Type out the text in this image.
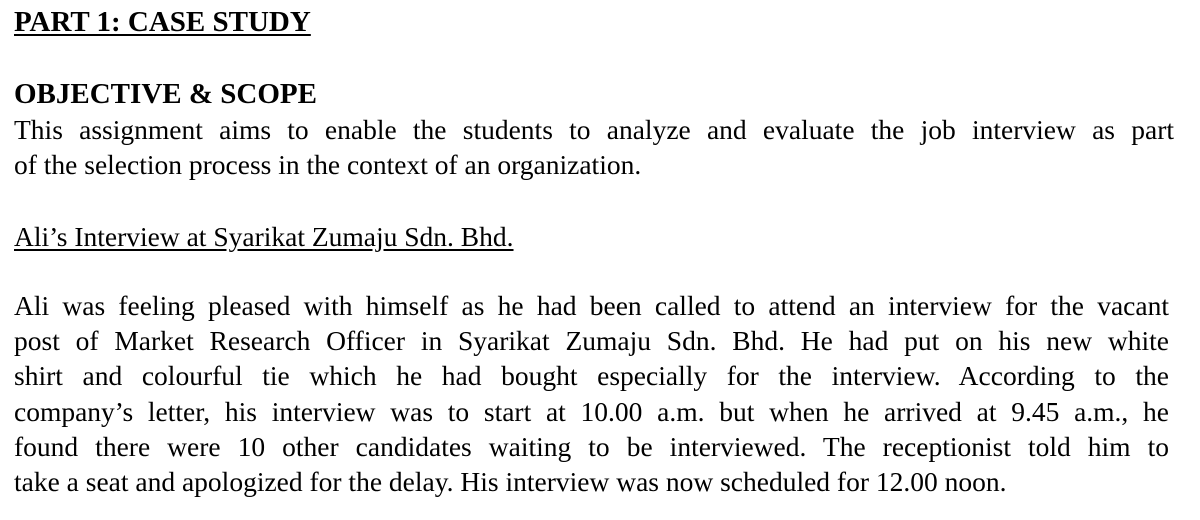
PART 1: CASE STUDY
OBJECTIVE & SCOPE
This assignment aims to enable the students to analyze and evaluate the job interview as part
of the selection process in the context of an organization.
Ali’s Interview at Syarikat Zumaju Sdn. Bhd.
Ali was feeling pleased with himself as he had been called to attend an interview for the vacant
post of Market Research Officer in Syarikat Zumaju Sdn. Bhd. He had put on his new white
shirt and colourful tie which he had bought especially for the interview. According to the
company’s letter, his interview was to start at 10.00 a.m. but when he arrived at 9.45 a.m., he
found there were 10 other candidates waiting to be interviewed. The receptionist told him to
take a seat and apologized for the delay. His interview was now scheduled for 12.00 noon.
